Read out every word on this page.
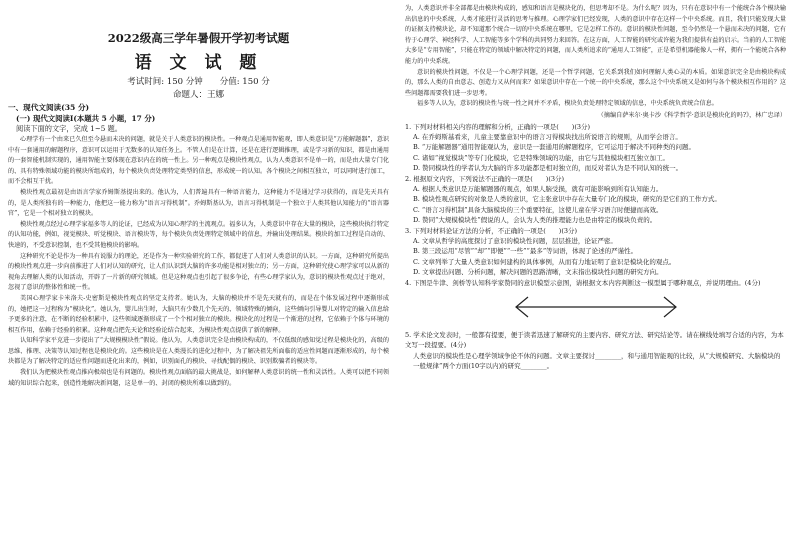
2022级高三学年暑假开学初考试题
语 文 试 题
考试时间: 150 分钟　　分值: 150 分
命题人：王娜
一、现代文阅读(35 分)
(一) 现代文阅读Ⅰ(本题共 5 小题，17 分)
阅读下面的文字，完成 1~5 题。

心理学有一个由来已久但至今悬而未决的问题，就是关于人类意识的模块性。一种观点是通用智能观，即人类意识是“万能解题器”，意识中有一套通用的解题程序，意识可以运用于无数多的认知任务上。不管人们是在计算，还是在进行逻辑推理，或是学习新的知识，都是由通用的一套智能机制实现的，通用智能主要体现在意识内在的统一性上。另一种观点是模块性观点，认为人类意识不是单一的，而是由大量专门化的、具有特殊领域功能的模块所组成的，每个模块负责处理特定类型的信息，形成统一的认知。各个模块之间相互独立，可以同时进行加工，而不会相互干扰。

模块性观点最初是由语言学家乔姆斯基提出来的。他认为，人们普遍具有一种语言能力，这种能力不是通过学习获得的，而是先天具有的，是人类所独有的一种能力，他把这一能力称为“语言习得机制”。乔姆斯基认为，语言习得机制是一个独立于人类其他认知能力的“语言器官”，它是一个相对独立的模块。

模块性观点经过心理学家福多等人的论证，已经成为认知心理学的主流观点。福多认为，人类意识中存在大量的模块，这些模块执行特定的认知功能，例如，视觉模块、听觉模块、语言模块等，每个模块负责处理特定领域中的信息，并输出处理结果。模块的加工过程是自动的、快速的，不受意识控制，也不受其他模块的影响。

这种研究不论是作为一种具有说服力的理论，还是作为一种实验研究的工作，都促进了人们对人类意识的认识。一方面，这种研究所提出的模块性观点进一步向前推进了人们对认知的研究，让人们认识到大脑的许多功能是相对独立的；另一方面，这种研究使心理学家可以从新的视角去理解人类的认知活动，开辟了一片新的研究领域。但是这种观点也引起了很多争论，有些心理学家认为，意识的模块性观点过于绝对，忽视了意识的整体性和统一性。

美国心理学家卡米洛夫-史密斯是模块性观点的坚定支持者。她认为，大脑的模块并不是先天就有的，而是在个体发展过程中逐渐形成的，她把这一过程称为“模块化”。她认为，婴儿出生时，大脑只有少数几个先天的、领域特殊的倾向，这些倾向引导婴儿对特定的输入信息给予更多的注意，在不断的经验积累中，这些领域逐渐形成了一个个相对独立的模块。模块化的过程是一个渐进的过程，它依赖于个体与环境的相互作用，依赖于经验的积累。这种观点把先天论和经验论结合起来，为模块性观点提供了新的解释。

认知科学家平克进一步提出了“大规模模块性”假说。他认为，人类意识完全是由模块构成的，不仅低级的感知觉过程是模块化的，高级的思维、推理、决策等认知过程也是模块化的。这些模块是在人类漫长的进化过程中，为了解决祖先所面临的适应性问题而逐渐形成的，每个模块都是为了解决特定的适应性问题而进化出来的，例如，识别面孔的模块、寻找配偶的模块、识别欺骗者的模块等。

我们认为把模块性观点推向极端也是有问题的。模块性观点面临的最大挑战是，如何解释人类意识的统一性和灵活性。人类可以把不同领域的知识综合起来，创造性地解决新问题，这是单一的、封闭的模块所难以做到的。

为，人类意识并非全部都是由模块构成的，感知和语言是模块化的，但思考却不是。为什么呢？因为，只有在意识中有一个能统合各个模块输出信息的中央系统，人类才能进行灵活的思考与推理。心理学家们已经发现，人类的意识中存在这样一个中央系统。而且，我们只能发现大量的证据支持模块论，却不知道那个统合一切的中央系统在哪里，它是怎样工作的。意识的模块性问题，至今仍然是一个悬而未决的问题，它有待于心理学、神经科学、人工智能等多个学科的共同努力来回答。在这方面，人工智能的研究或许能为我们提供有益的启示。当前的人工智能大多是“专用智能”，只能在特定的领域中解决特定的问题，而人类所追求的“通用人工智能”，正是希望机器能像人一样，拥有一个能统合各种能力的中央系统。

意识的模块性问题，不仅是一个心理学问题，还是一个哲学问题，它关系到我们如何理解人类心灵的本质。如果意识完全是由模块构成的，那么人类的自由意志、创造力又从何而来？如果意识中存在一个统一的中央系统，那么这个中央系统又是如何与各个模块相互作用的？这些问题都需要我们进一步思考。

福多等人认为，意识的模块性与统一性之间并不矛盾，模块负责处理特定领域的信息，中央系统负责统合信息。

（摘编自萨米尔·奥卡沙《科学哲学·意识是模块化的吗?》，林广忠译）
1. 下列对材料相关内容的理解和分析，正确的一项是(　　)(3分)
A. 在乔姆斯基看来，儿童主要靠意识中的语言习得模块找出所说语言的规则，从而学会语言。
B. “万能解题器”通用智能观认为，意识是一套通用的解题程序，它可运用于解决不同种类的问题。
C. 诸如“视觉模块”等专门化模块，它是特殊领域的功能，由它与其他模块相互独立加工。
D. 赞同模块性的学者认为大脑的许多功能都是相对独立的，而反对者认为是不同认知的统一。
2. 根据原文内容，下列说法不正确的一项是(　　)(3分)
A. 根据人类意识是万能解题器的观点，如果人脑受损，就有可能影响到所有认知能力。
B. 模块性观点研究的对象是人类的意识，它主张意识中存在大量专门化的模块，研究的是它们的工作方式。
C. “语言习得机制”具备大脑模块的三个重要特征，这使儿童在学习语言时便捷而高效。
D. 赞同“大规模模块性”假说的人，会认为人类的推理能力也是由特定的模块负责的。
3. 下列对材料论证方法的分析，不正确的一项是(　　)(3分)
A. 文章从哲学的高度探讨了意识的模块性问题，层层推进，论证严密。
B. 第三段运用“尽管”“却”“即便”“一些”“最多”等词语，体现了论述的严谨性。
C. 文章列举了大量人类意识如何建构的具体事例，从而有力地证明了意识是模块化的观点。
D. 文章提出问题、分析问题，解决问题的思路清晰，文末指出模块性问题的研究方向。
4. 下图是牛津、剑桥等认知科学家赞同的意识模型示意图，请根据文本内容判断这一模型属于哪种观点，并说明理由。(4分)
5. 学术论文发表时，一般都有提要，便于读者迅速了解研究的主要内容、研究方法、研究结论等。请在横线处填写合适的内容，为本文写一段提要。(4分)
人类意识的模块性是心理学领域争论不休的问题。文章主要探讨________，和与通用智能观的比较，从“大规模研究、大脑模块的一般规律”两个方面(10字以内)的研究________。
